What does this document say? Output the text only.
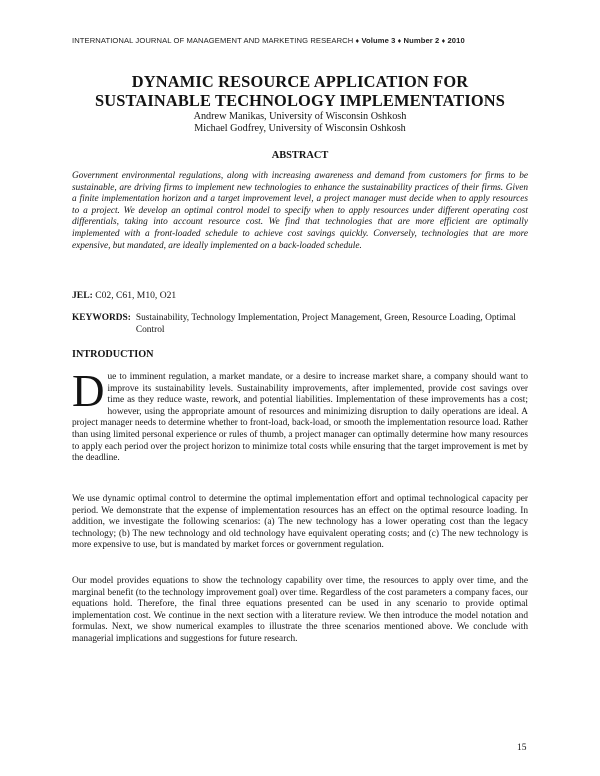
INTERNATIONAL JOURNAL OF MANAGEMENT AND MARKETING RESEARCH ♦ Volume 3 ♦ Number 2 ♦ 2010
DYNAMIC RESOURCE APPLICATION FOR
SUSTAINABLE TECHNOLOGY IMPLEMENTATIONS
Andrew Manikas, University of Wisconsin Oshkosh
Michael Godfrey, University of Wisconsin Oshkosh
ABSTRACT
Government environmental regulations, along with increasing awareness and demand from customers for firms to be sustainable, are driving firms to implement new technologies to enhance the sustainability practices of their firms. Given a finite implementation horizon and a target improvement level, a project manager must decide when to apply resources to a project. We develop an optimal control model to specify when to apply resources under different operating cost differentials, taking into account resource cost. We find that technologies that are more efficient are optimally implemented with a front-loaded schedule to achieve cost savings quickly. Conversely, technologies that are more expensive, but mandated, are ideally implemented on a back-loaded schedule.
JEL: C02, C61, M10, O21
KEYWORDS: Sustainability, Technology Implementation, Project Management, Green, Resource Loading, Optimal Control
INTRODUCTION
Due to imminent regulation, a market mandate, or a desire to increase market share, a company should want to improve its sustainability levels. Sustainability improvements, after implemented, provide cost savings over time as they reduce waste, rework, and potential liabilities. Implementation of these improvements has a cost; however, using the appropriate amount of resources and minimizing disruption to daily operations are ideal. A project manager needs to determine whether to front-load, back-load, or smooth the implementation resource load. Rather than using limited personal experience or rules of thumb, a project manager can optimally determine how many resources to apply each period over the project horizon to minimize total costs while ensuring that the target improvement is met by the deadline.
We use dynamic optimal control to determine the optimal implementation effort and optimal technological capacity per period. We demonstrate that the expense of implementation resources has an effect on the optimal resource loading. In addition, we investigate the following scenarios: (a) The new technology has a lower operating cost than the legacy technology; (b) The new technology and old technology have equivalent operating costs; and (c) The new technology is more expensive to use, but is mandated by market forces or government regulation.
Our model provides equations to show the technology capability over time, the resources to apply over time, and the marginal benefit (to the technology improvement goal) over time. Regardless of the cost parameters a company faces, our equations hold. Therefore, the final three equations presented can be used in any scenario to provide optimal implementation cost. We continue in the next section with a literature review. We then introduce the model notation and formulas. Next, we show numerical examples to illustrate the three scenarios mentioned above. We conclude with managerial implications and suggestions for future research.
15
